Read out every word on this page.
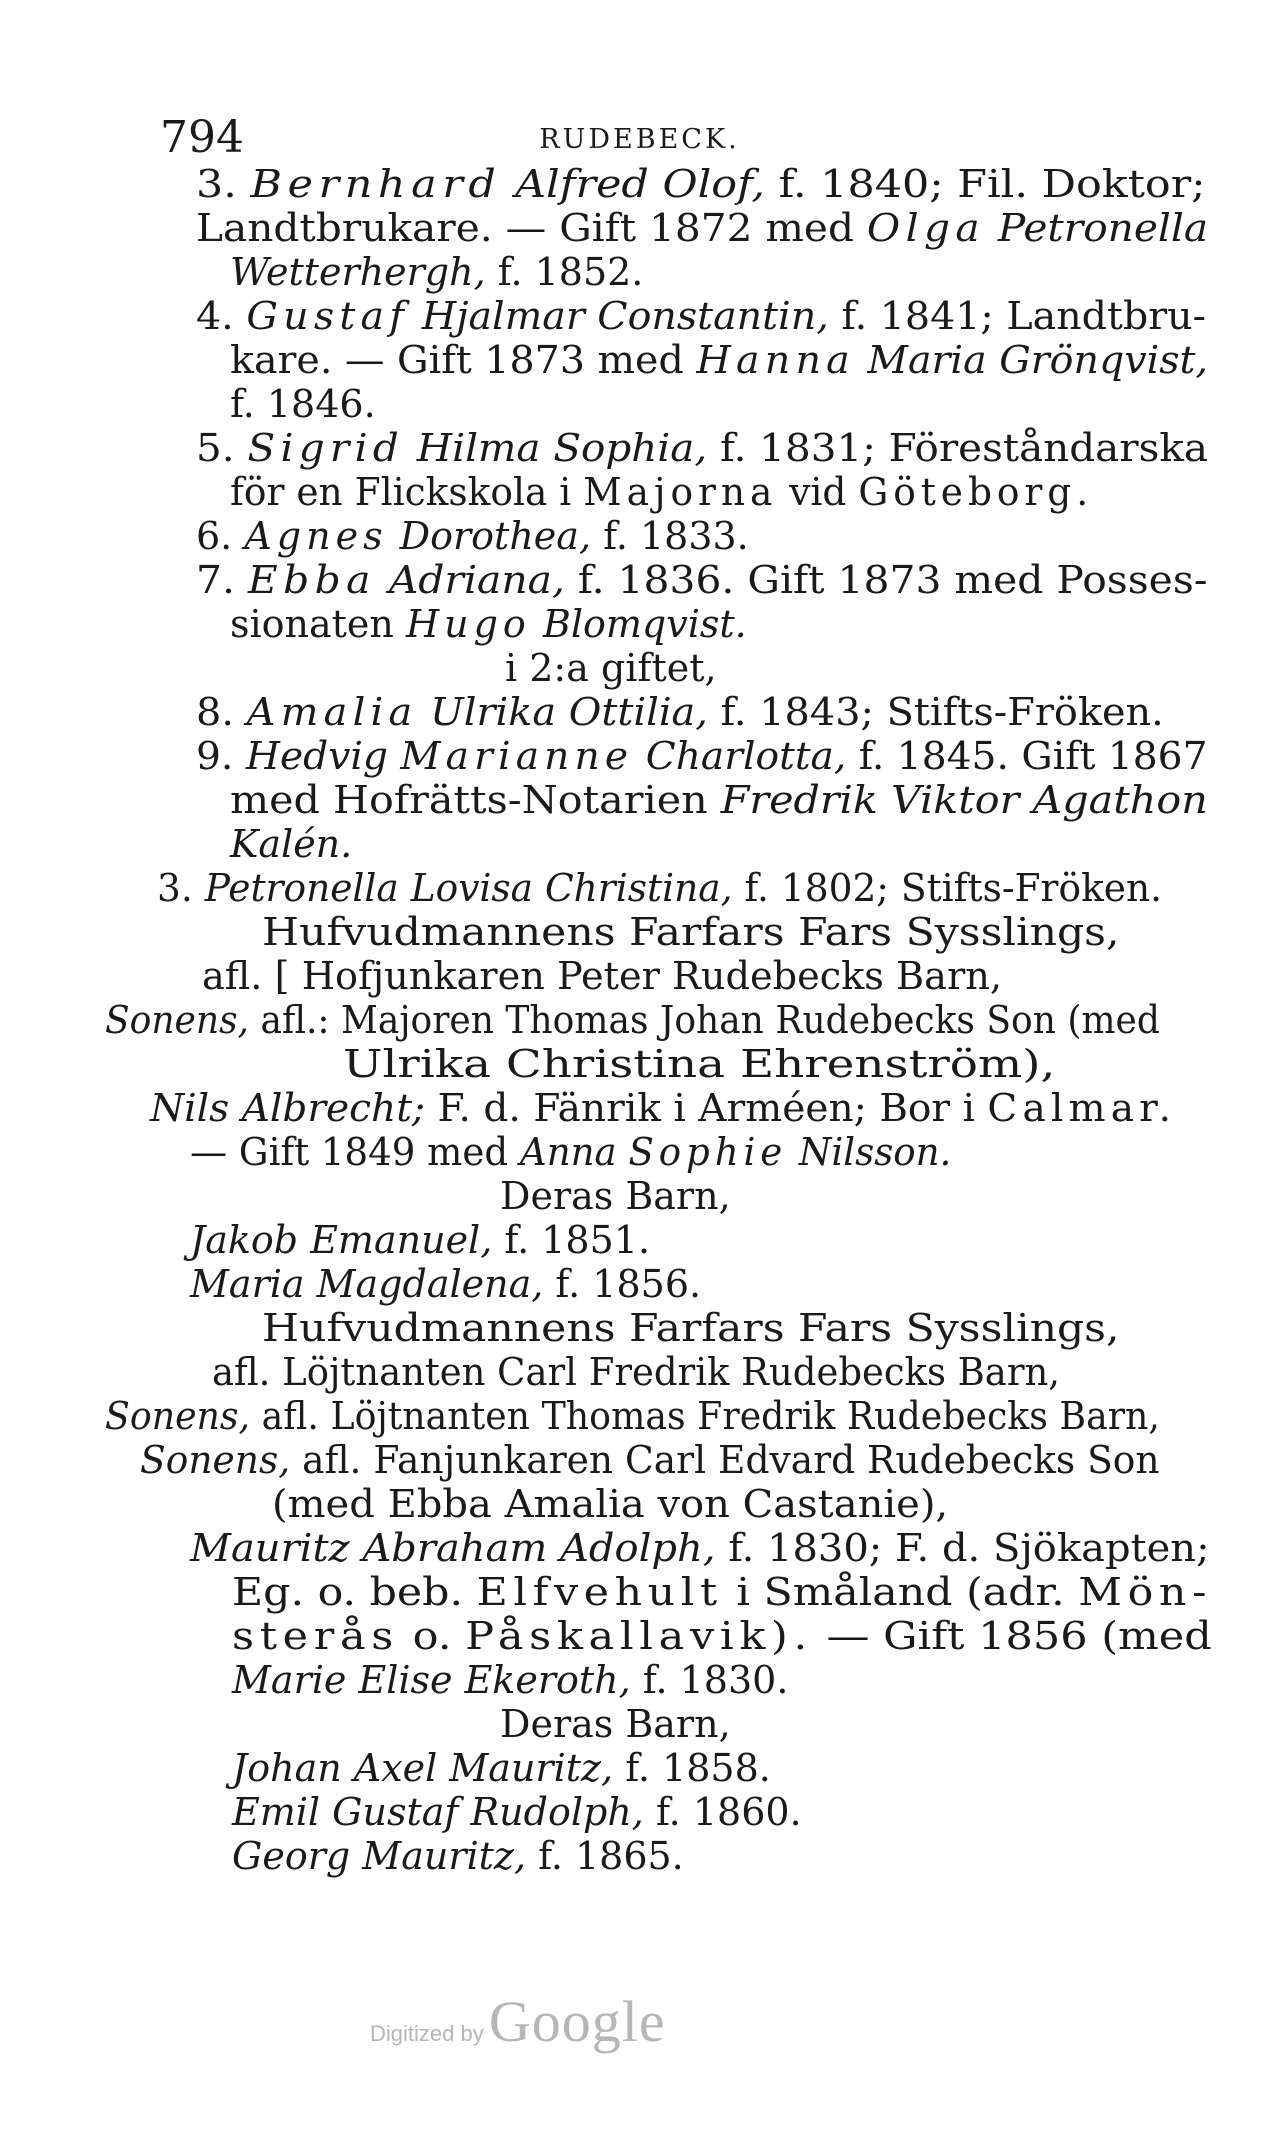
794	RUDEBECK.
3. Bernhard Alfred Olof, f. 1840; Fil. Doktor;
Landtbrukare. — Gift 1872 med Olga Petronella
Wetterhergh, f. 1852.
4. Gustaf Hjalmar Constantin, f. 1841; Landtbru-
kare. — Gift 1873 med Hanna Maria Grönqvist,
f. 1846.
5. Sigrid Hilma Sophia, f. 1831; Föreståndarska
för en Flickskola i Majorna vid Göteborg.
6. Agnes Dorothea, f. 1833.
7. Ebba Adriana, f. 1836. Gift 1873 med Posses-
sionaten Hugo Blomqvist.
i 2:a giftet,
8. Amalia Ulrika Ottilia, f. 1843; Stifts-Fröken.
9. Hedvig Marianne Charlotta, f. 1845. Gift 1867
med Hofrätts-Notarien Fredrik Viktor Agathon
Kalén.
3. Petronella Lovisa Christina, f. 1802; Stifts-Fröken.
Hufvudmannens Farfars Fars Sysslings,
afl. [ Hofjunkaren Peter Rudebecks Barn,
Sonens, afl.: Majoren Thomas Johan Rudebecks Son (med
Ulrika Christina Ehrenström),
Nils Albrecht; F. d. Fänrik i Arméen; Bor i Calmar.
— Gift 1849 med Anna Sophie Nilsson.
Deras Barn,
Jakob Emanuel, f. 1851.
Maria Magdalena, f. 1856.
Hufvudmannens Farfars Fars Sysslings,
afl. Löjtnanten Carl Fredrik Rudebecks Barn,
Sonens, afl. Löjtnanten Thomas Fredrik Rudebecks Barn,
Sonens, afl. Fanjunkaren Carl Edvard Rudebecks Son
(med Ebba Amalia von Castanie),
Mauritz Abraham Adolph, f. 1830; F. d. Sjökapten;
Eg. o. beb. Elfvehult i Småland (adr. Mön-
sterås o. Påskallavik). — Gift 1856 (med
Marie Elise Ekeroth, f. 1830.
Deras Barn,
Johan Axel Mauritz, f. 1858.
Emil Gustaf Rudolph, f. 1860.
Georg Mauritz, f. 1865.
Digitized by Google
